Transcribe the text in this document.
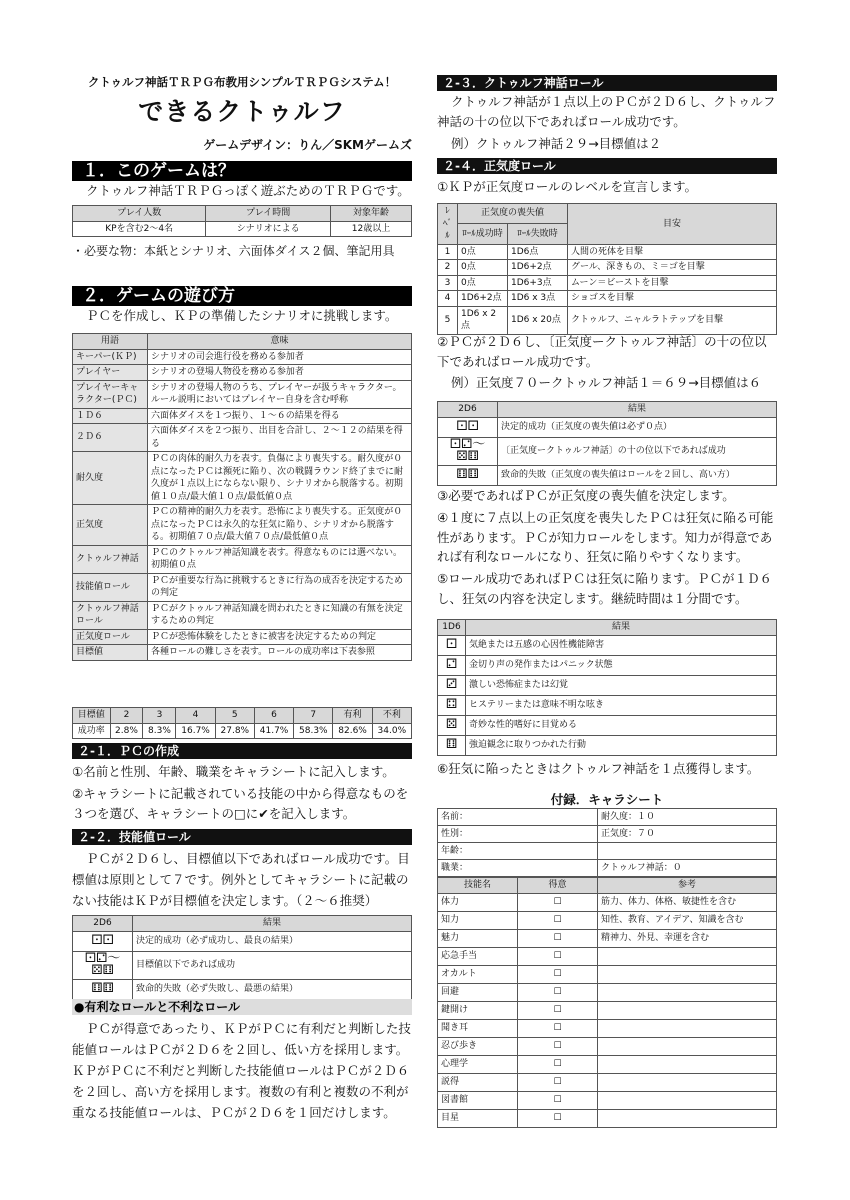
クトゥルフ神話ＴＲＰＧ布教用シンプルＴＲＰＧシステム！
できるクトゥルフ
ゲームデザイン：りん／SKMゲームズ
１．このゲームは？
クトゥルフ神話ＴＲＰＧっぽく遊ぶためのＴＲＰＧです。
プレイ人数	プレイ時間	対象年齢
KPを含む2～4名	シナリオによる	12歳以上
・必要な物：本紙とシナリオ、六面体ダイス２個、筆記用具
２．ゲームの遊び方
ＰＣを作成し、ＫＰの準備したシナリオに挑戦します。
用語	意味
キーパー(ＫＰ)	シナリオの司会進行役を務める参加者
プレイヤー	シナリオの登場人物役を務める参加者
プレイヤーキャラクター(ＰＣ)	シナリオの登場人物のうち、プレイヤーが扱うキャラクター。ルール説明においてはプレイヤー自身を含む呼称
１Ｄ６	六面体ダイスを１つ振り、１～６の結果を得る
２Ｄ６	六面体ダイスを２つ振り、出目を合計し、２～１２の結果を得る
耐久度	ＰＣの肉体的耐久力を表す。負傷により喪失する。耐久度が０点になったＰＣは瀕死に陥り、次の戦闘ラウンド終了までに耐久度が１点以上にならない限り、シナリオから脱落する。初期値１０点/最大値１０点/最低値０点
正気度	ＰＣの精神的耐久力を表す。恐怖により喪失する。正気度が０点になったＰＣは永久的な狂気に陥り、シナリオから脱落する。初期値７０点/最大値７０点/最低値０点
クトゥルフ神話	ＰＣのクトゥルフ神話知識を表す。得意なものには選べない。初期値０点
技能値ロール	ＰＣが重要な行為に挑戦するときに行為の成否を決定するための判定
クトゥルフ神話ロール	ＰＣがクトゥルフ神話知識を問われたときに知識の有無を決定するための判定
正気度ロール	ＰＣが恐怖体験をしたときに被害を決定するための判定
目標値	各種ロールの難しさを表す。ロールの成功率は下表参照
目標値	2	3	4	5	6	7	有利	不利
成功率	2.8%	8.3%	16.7%	27.8%	41.7%	58.3%	82.6%	34.0%
２-１．ＰＣの作成
①名前と性別、年齢、職業をキャラシートに記入します。
②キャラシートに記載されている技能の中から得意なものを３つを選び、キャラシートの□に✔を記入します。
２-２．技能値ロール
ＰＣが２Ｄ６し、目標値以下であればロール成功です。目標値は原則として７です。例外としてキャラシートに記載のない技能はＫＰが目標値を決定します。（２～６推奨）
2D6	結果
⚀⚀	決定的成功（必ず成功し、最良の結果）
⚀⚁～⚄⚅	目標値以下であれば成功
⚅⚅	致命的失敗（必ず失敗し、最悪の結果）
●有利なロールと不利なロール
ＰＣが得意であったり、ＫＰがＰＣに有利だと判断した技能値ロールはＰＣが２Ｄ６を２回し、低い方を採用します。ＫＰがＰＣに不利だと判断した技能値ロールはＰＣが２Ｄ６を２回し、高い方を採用します。複数の有利と複数の不利が重なる技能値ロールは、ＰＣが２Ｄ６を１回だけします。
２-３．クトゥルフ神話ロール
クトゥルフ神話が１点以上のＰＣが２Ｄ６し、クトゥルフ神話の十の位以下であればロール成功です。
例）クトゥルフ神話２９→目標値は２
２-４．正気度ロール
①ＫＰが正気度ロールのレベルを宣言します。
ﾚﾍﾞﾙ	正気度の喪失値		目安
	ﾛｰﾙ成功時	ﾛｰﾙ失敗時	
1	0点	1D6点	人間の死体を目撃
2	0点	1D6+2点	グール、深きもの、ミ＝ゴを目撃
3	0点	1D6+3点	ムーン＝ビーストを目撃
4	1D6+2点	1D6 x 3点	ショゴスを目撃
5	1D6 x 2点	1D6 x 20点	クトゥルフ、ニャルラトテップを目撃
②ＰＣが２Ｄ６し、〔正気度ークトゥルフ神話〕の十の位以下であればロール成功です。
例）正気度７０ークトゥルフ神話１＝６９→目標値は６
2D6	結果
⚀⚀	決定的成功（正気度の喪失値は必ず０点）
⚀⚁～⚄⚅	〔正気度ークトゥルフ神話〕の十の位以下であれば成功
⚅⚅	致命的失敗（正気度の喪失値はロールを２回し、高い方）
③必要であればＰＣが正気度の喪失値を決定します。
④１度に７点以上の正気度を喪失したＰＣは狂気に陥る可能性があります。ＰＣが知力ロールをします。知力が得意であれば有利なロールになり、狂気に陥りやすくなります。
⑤ロール成功であればＰＣは狂気に陥ります。ＰＣが１Ｄ６し、狂気の内容を決定します。継続時間は１分間です。
1D6	結果
⚀	気絶または五感の心因性機能障害
⚁	金切り声の発作またはパニック状態
⚂	激しい恐怖症または幻覚
⚃	ヒステリーまたは意味不明な呟き
⚄	奇妙な性的嗜好に目覚める
⚅	強迫観念に取りつかれた行動
⑥狂気に陥ったときはクトゥルフ神話を１点獲得します。
付録．キャラシート
名前：	耐久度：１０
性別：	正気度：７０
年齢：	
職業：	クトゥルフ神話：０
技能名	得意	参考
体力	☐	筋力、体力、体格、敏捷性を含む
知力	☐	知性、教育、アイデア、知識を含む
魅力	☐	精神力、外見、幸運を含む
応急手当	☐	
オカルト	☐	
回避	☐	
鍵開け	☐	
聞き耳	☐	
忍び歩き	☐	
心理学	☐	
説得	☐	
図書館	☐	
目星	☐	
